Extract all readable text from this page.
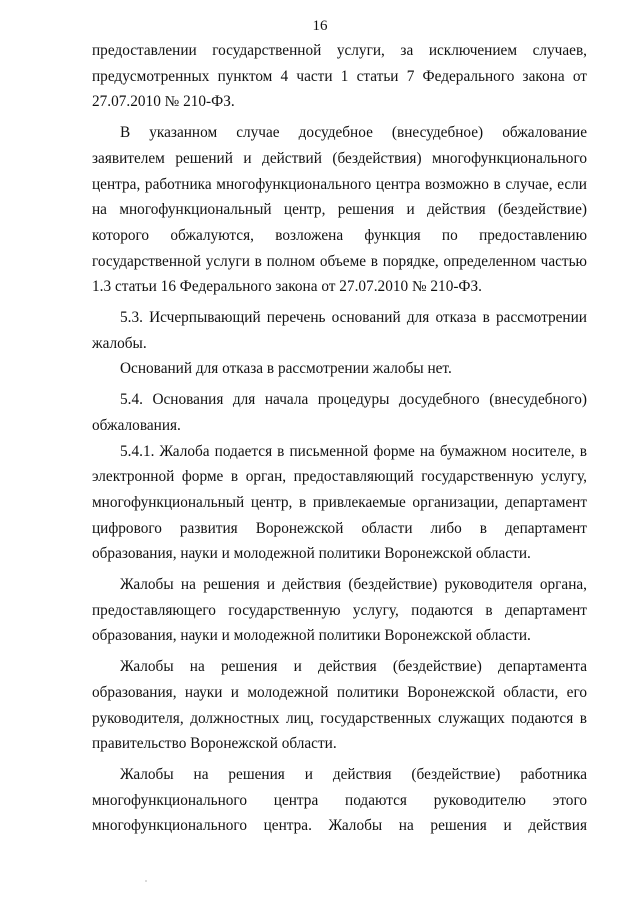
16

предоставлении государственной услуги, за исключением случаев, предусмотренных пунктом 4 части 1 статьи 7 Федерального закона от 27.07.2010 № 210-ФЗ.

В указанном случае досудебное (внесудебное) обжалование заявителем решений и действий (бездействия) многофункционального центра, работника многофункционального центра возможно в случае, если на многофункциональный центр, решения и действия (бездействие) которого обжалуются, возложена функция по предоставлению государственной услуги в полном объеме в порядке, определенном частью 1.3 статьи 16 Федерального закона от 27.07.2010 № 210-ФЗ.

5.3. Исчерпывающий перечень оснований для отказа в рассмотрении жалобы.

Оснований для отказа в рассмотрении жалобы нет.

5.4. Основания для начала процедуры досудебного (внесудебного) обжалования.

5.4.1. Жалоба подается в письменной форме на бумажном носителе, в электронной форме в орган, предоставляющий государственную услугу, многофункциональный центр, в привлекаемые организации, департамент цифрового развития Воронежской области либо в департамент образования, науки и молодежной политики Воронежской области.

Жалобы на решения и действия (бездействие) руководителя органа, предоставляющего государственную услугу, подаются в департамент образования, науки и молодежной политики Воронежской области.

Жалобы на решения и действия (бездействие) департамента образования, науки и молодежной политики Воронежской области, его руководителя, должностных лиц, государственных служащих подаются в правительство Воронежской области.

Жалобы на решения и действия (бездействие) работника многофункционального центра подаются руководителю этого многофункционального центра. Жалобы на решения и действия
